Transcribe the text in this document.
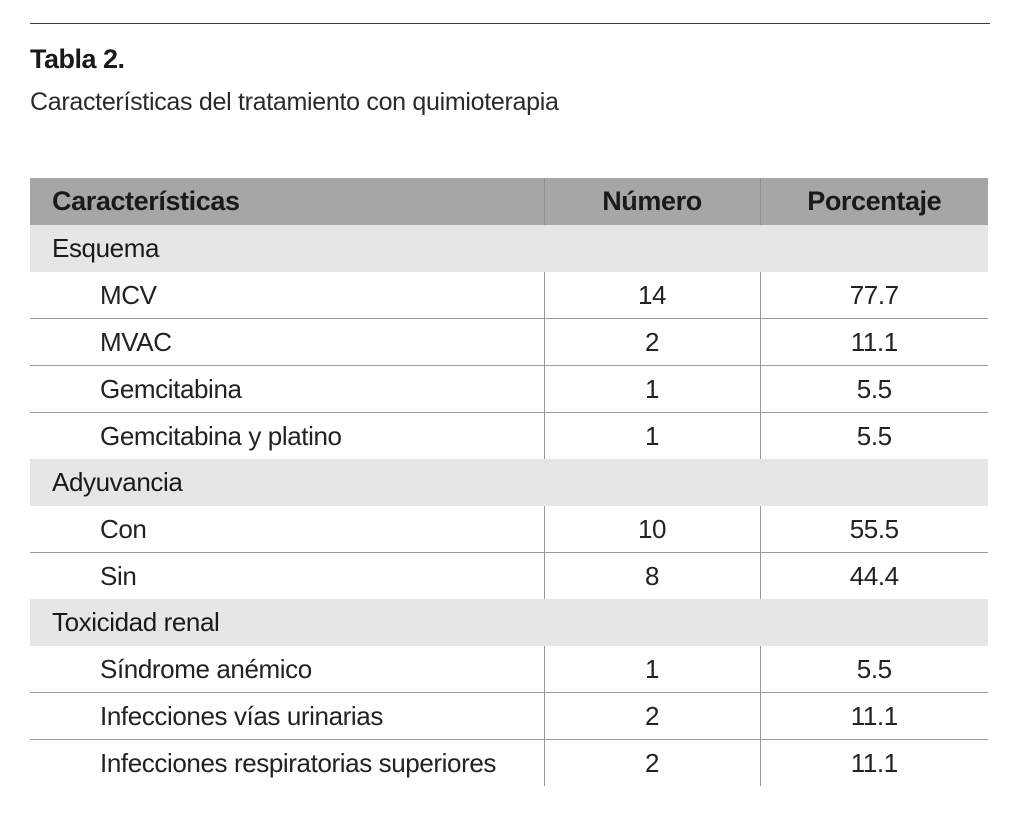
Tabla 2.
Características del tratamiento con quimioterapia
Características	Número	Porcentaje
Esquema		
MCV	14	77.7
MVAC	2	11.1
Gemcitabina	1	5.5
Gemcitabina y platino	1	5.5
Adyuvancia		
Con	10	55.5
Sin	8	44.4
Toxicidad renal		
Síndrome anémico	1	5.5
Infecciones vías urinarias	2	11.1
Infecciones respiratorias superiores	2	11.1
